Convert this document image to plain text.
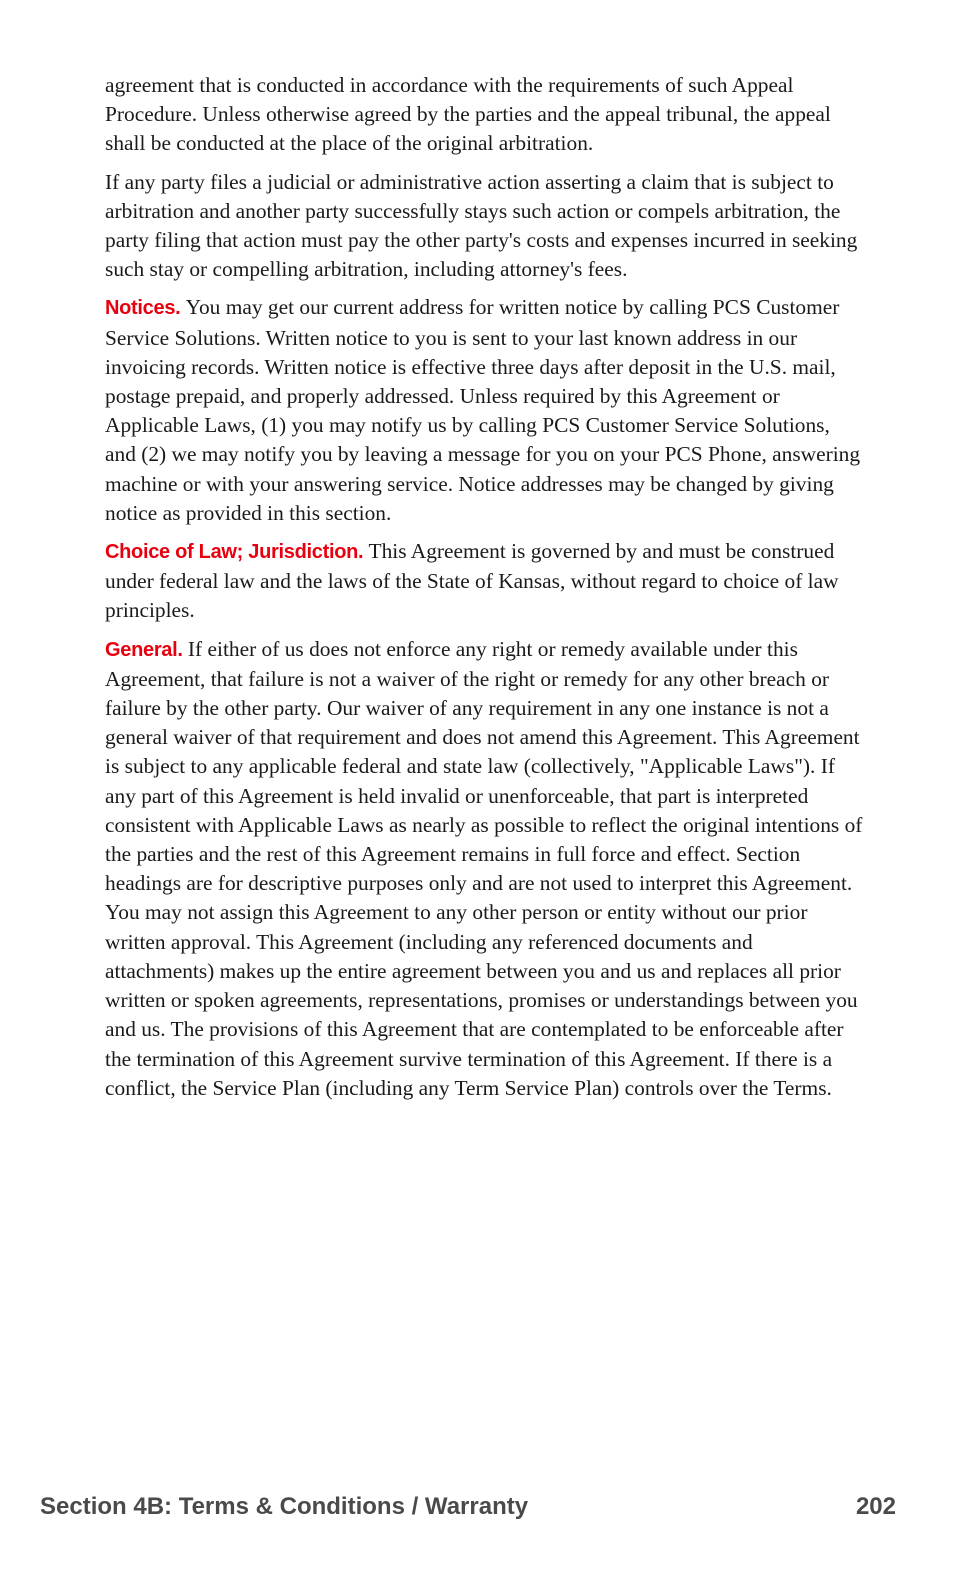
agreement that is conducted in accordance with the requirements of such Appeal Procedure. Unless otherwise agreed by the parties and the appeal tribunal, the appeal shall be conducted at the place of the original arbitration.

If any party files a judicial or administrative action asserting a claim that is subject to arbitration and another party successfully stays such action or compels arbitration, the party filing that action must pay the other party's costs and expenses incurred in seeking such stay or compelling arbitration, including attorney's fees.

Notices. You may get our current address for written notice by calling PCS Customer Service Solutions. Written notice to you is sent to your last known address in our invoicing records. Written notice is effective three days after deposit in the U.S. mail, postage prepaid, and properly addressed. Unless required by this Agreement or Applicable Laws, (1) you may notify us by calling PCS Customer Service Solutions, and (2) we may notify you by leaving a message for you on your PCS Phone, answering machine or with your answering service. Notice addresses may be changed by giving notice as provided in this section.

Choice of Law; Jurisdiction. This Agreement is governed by and must be construed under federal law and the laws of the State of Kansas, without regard to choice of law principles.

General. If either of us does not enforce any right or remedy available under this Agreement, that failure is not a waiver of the right or remedy for any other breach or failure by the other party. Our waiver of any requirement in any one instance is not a general waiver of that requirement and does not amend this Agreement. This Agreement is subject to any applicable federal and state law (collectively, "Applicable Laws"). If any part of this Agreement is held invalid or unenforceable, that part is interpreted consistent with Applicable Laws as nearly as possible to reflect the original intentions of the parties and the rest of this Agreement remains in full force and effect. Section headings are for descriptive purposes only and are not used to interpret this Agreement. You may not assign this Agreement to any other person or entity without our prior written approval. This Agreement (including any referenced documents and attachments) makes up the entire agreement between you and us and replaces all prior written or spoken agreements, representations, promises or understandings between you and us. The provisions of this Agreement that are contemplated to be enforceable after the termination of this Agreement survive termination of this Agreement. If there is a conflict, the Service Plan (including any Term Service Plan) controls over the Terms.

Section 4B: Terms & Conditions / Warranty	202
